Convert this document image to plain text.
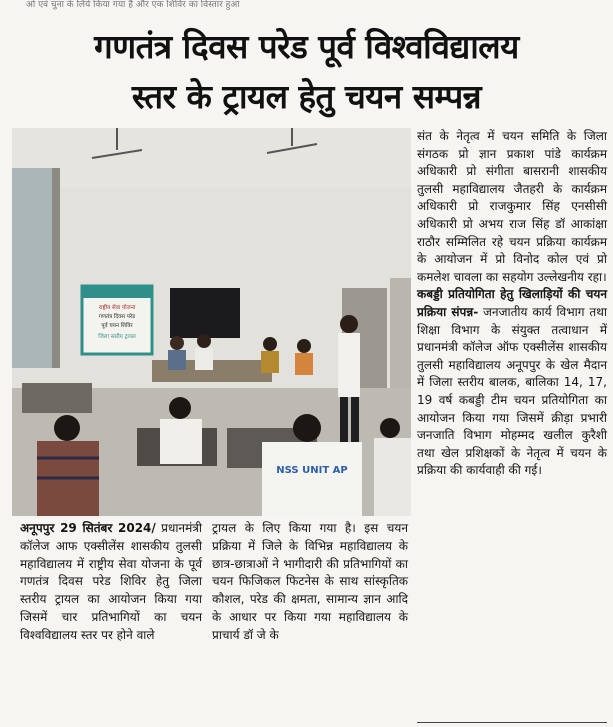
ओ एवं चुना के लिये किया गया है और एक शिविर का विस्तार हुआ
गणतंत्र दिवस परेड पूर्व विश्वविद्यालय
स्तर के ट्रायल हेतु चयन सम्पन्न
राष्ट्रीय सेवा योजना
गणतंत्र दिवस परेड
पूर्व चयन शिविर
जिला स्तरीय ट्रायल
NSS UNIT AP

संत के नेतृत्व में चयन समिति के जिला संगठक प्रो ज्ञान प्रकाश पांडे कार्यक्रम अधिकारी प्रो संगीता बासरानी शासकीय तुलसी महाविद्यालय जैतहरी के कार्यक्रम अधिकारी प्रो राजकुमार सिंह एनसीसी अधिकारी प्रो अभय राज सिंह डॉ आकांक्षा राठौर सम्मिलित रहे चयन प्रक्रिया कार्यक्रम के आयोजन में प्रो विनोद कोल एवं प्रो कमलेश चावला का सहयोग उल्लेखनीय रहा।

कबड्डी प्रतियोगिता हेतु खिलाड़ियों की चयन प्रक्रिया संपन्न- जनजातीय कार्य विभाग तथा शिक्षा विभाग के संयुक्त तत्वाधान में प्रधानमंत्री कॉलेज ऑफ एक्सीलेंस शासकीय तुलसी महाविद्यालय अनूपपुर के खेल मैदान में जिला स्तरीय बालक, बालिका 14, 17, 19 वर्ष कबड्डी टीम चयन प्रतियोगिता का आयोजन किया गया जिसमें क्रीड़ा प्रभारी जनजाति विभाग मोहम्मद खलील कुरैशी तथा खेल प्रशिक्षकों के नेतृत्व में चयन के प्रक्रिया की कार्यवाही की गई।

अनूपपुर 29 सितंबर 2024/ प्रधानमंत्री कॉलेज आफ एक्सीलेंस शासकीय तुलसी महाविद्यालय में राष्ट्रीय सेवा योजना के पूर्व गणतंत्र दिवस परेड शिविर हेतु जिला स्तरीय ट्रायल का आयोजन किया गया जिसमें चार प्रतिभागियों का चयन विश्वविद्यालय स्तर पर होने वाले

ट्रायल के लिए किया गया है। इस चयन प्रक्रिया में जिले के विभिन्न महाविद्यालय के छात्र-छात्राओं ने भागीदारी की प्रतिभागियों का चयन फिजिकल फिटनेस के साथ सांस्कृतिक कौशल, परेड की क्षमता, सामान्य ज्ञान आदि के आधार पर किया गया महाविद्यालय के प्राचार्य डॉ जे के
